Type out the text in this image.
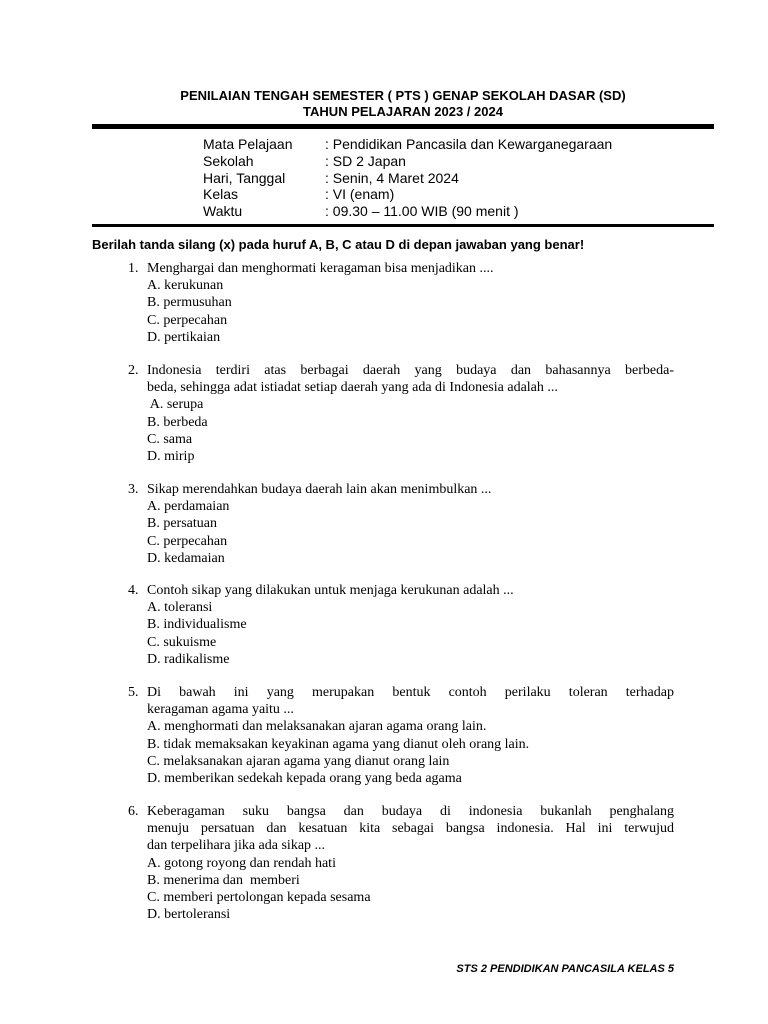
PENILAIAN TENGAH SEMESTER ( PTS ) GENAP SEKOLAH DASAR (SD)
TAHUN PELAJARAN 2023 / 2024
Mata Pelajaan : Pendidikan Pancasila dan Kewarganegaraan
Sekolah	: SD 2 Japan
Hari, Tanggal	: Senin, 4 Maret 2024
Kelas	: VI (enam)
Waktu	: 09.30 – 11.00 WIB (90 menit )
Berilah tanda silang (x) pada huruf A, B, C atau D di depan jawaban yang benar!
1. Menghargai dan menghormati keragaman bisa menjadikan ....
A. kerukunan
B. permusuhan
C. perpecahan
D. pertikaian
2. Indonesia terdiri atas berbagai daerah yang budaya dan bahasannya berbeda-
beda, sehingga adat istiadat setiap daerah yang ada di Indonesia adalah ...
A. serupa
B. berbeda
C. sama
D. mirip
3. Sikap merendahkan budaya daerah lain akan menimbulkan ...
A. perdamaian
B. persatuan
C. perpecahan
D. kedamaian
4. Contoh sikap yang dilakukan untuk menjaga kerukunan adalah ...
A. toleransi
B. individualisme
C. sukuisme
D. radikalisme
5. Di bawah ini yang merupakan bentuk contoh perilaku toleran terhadap
keragaman agama yaitu ...
A. menghormati dan melaksanakan ajaran agama orang lain.
B. tidak memaksakan keyakinan agama yang dianut oleh orang lain.
C. melaksanakan ajaran agama yang dianut orang lain
D. memberikan sedekah kepada orang yang beda agama
6. Keberagaman suku bangsa dan budaya di indonesia bukanlah penghalang
menuju persatuan dan kesatuan kita sebagai bangsa indonesia. Hal ini terwujud
dan terpelihara jika ada sikap ...
A. gotong royong dan rendah hati
B. menerima dan  memberi
C. memberi pertolongan kepada sesama
D. bertoleransi
STS 2 PENDIDIKAN PANCASILA KELAS 5
